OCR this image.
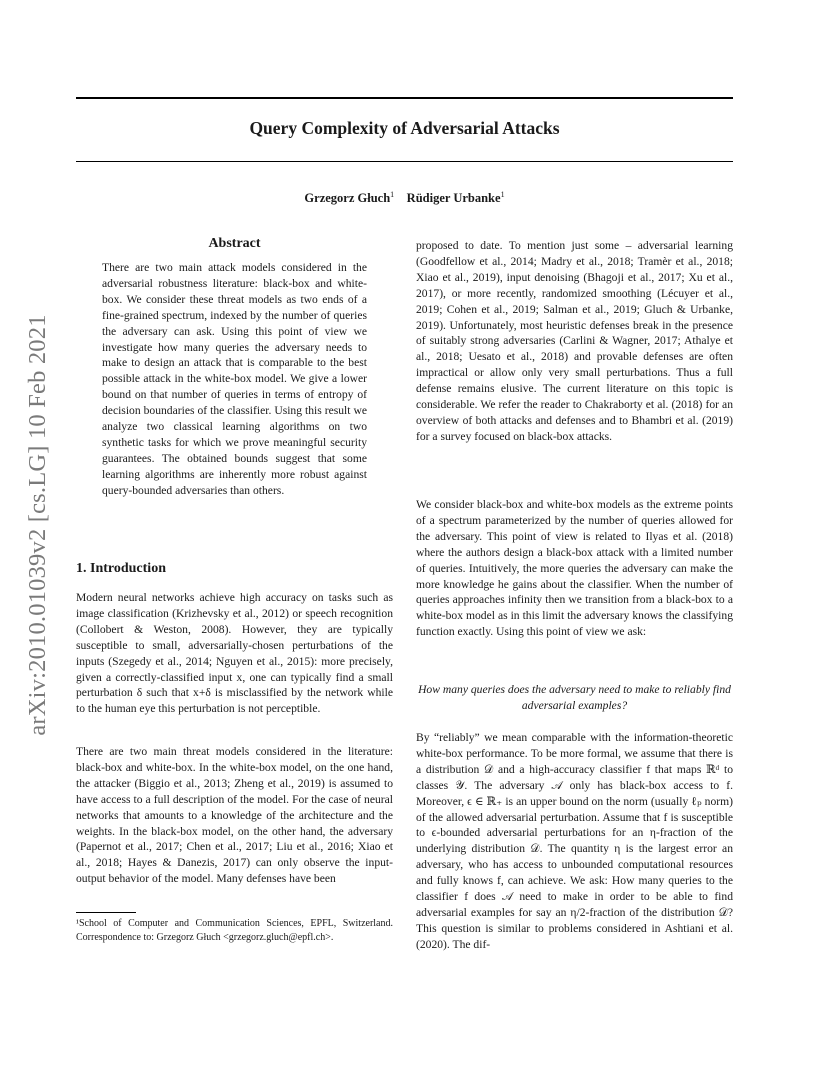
Query Complexity of Adversarial Attacks
Grzegorz Głuch$^1$ Rüdiger Urbanke$^1$
arXiv:2010.01039v2 [cs.LG] 10 Feb 2021
Abstract
There are two main attack models considered in the adversarial robustness literature: black-box and white-box. We consider these threat models as two ends of a fine-grained spectrum, indexed by the number of queries the adversary can ask. Using this point of view we investigate how many queries the adversary needs to make to design an attack that is comparable to the best possible attack in the white-box model. We give a lower bound on that number of queries in terms of entropy of decision boundaries of the classifier. Using this result we analyze two classical learning algorithms on two synthetic tasks for which we prove meaningful security guarantees. The obtained bounds suggest that some learning algorithms are inherently more robust against query-bounded adversaries than others.
1. Introduction

Modern neural networks achieve high accuracy on tasks such as image classification (Krizhevsky et al., 2012) or speech recognition (Collobert & Weston, 2008). However, they are typically susceptible to small, adversarially-chosen perturbations of the inputs (Szegedy et al., 2014; Nguyen et al., 2015): more precisely, given a correctly-classified input x, one can typically find a small perturbation δ such that x+δ is misclassified by the network while to the human eye this perturbation is not perceptible.

There are two main threat models considered in the literature: black-box and white-box. In the white-box model, on the one hand, the attacker (Biggio et al., 2013; Zheng et al., 2019) is assumed to have access to a full description of the model. For the case of neural networks that amounts to a knowledge of the architecture and the weights. In the black-box model, on the other hand, the adversary (Papernot et al., 2017; Chen et al., 2017; Liu et al., 2016; Xiao et al., 2018; Hayes & Danezis, 2017) can only observe the input-output behavior of the model. Many defenses have been

¹School of Computer and Communication Sciences, EPFL, Switzerland. Correspondence to: Grzegorz Głuch <grzegorz.gluch@epfl.ch>.

proposed to date. To mention just some – adversarial learning (Goodfellow et al., 2014; Madry et al., 2018; Tramèr et al., 2018; Xiao et al., 2019), input denoising (Bhagoji et al., 2017; Xu et al., 2017), or more recently, randomized smoothing (Lécuyer et al., 2019; Cohen et al., 2019; Salman et al., 2019; Gluch & Urbanke, 2019). Unfortunately, most heuristic defenses break in the presence of suitably strong adversaries (Carlini & Wagner, 2017; Athalye et al., 2018; Uesato et al., 2018) and provable defenses are often impractical or allow only very small perturbations. Thus a full defense remains elusive. The current literature on this topic is considerable. We refer the reader to Chakraborty et al. (2018) for an overview of both attacks and defenses and to Bhambri et al. (2019) for a survey focused on black-box attacks.

We consider black-box and white-box models as the extreme points of a spectrum parameterized by the number of queries allowed for the adversary. This point of view is related to Ilyas et al. (2018) where the authors design a black-box attack with a limited number of queries. Intuitively, the more queries the adversary can make the more knowledge he gains about the classifier. When the number of queries approaches infinity then we transition from a black-box to a white-box model as in this limit the adversary knows the classifying function exactly. Using this point of view we ask:

How many queries does the adversary need to make to reliably find adversarial examples?

By “reliably” we mean comparable with the information-theoretic white-box performance. To be more formal, we assume that there is a distribution 𝒟 and a high-accuracy classifier f that maps ℝᵈ to classes 𝒴. The adversary 𝒜 only has black-box access to f. Moreover, ϵ ∈ ℝ₊ is an upper bound on the norm (usually ℓₚ norm) of the allowed adversarial perturbation. Assume that f is susceptible to ϵ-bounded adversarial perturbations for an η-fraction of the underlying distribution 𝒟. The quantity η is the largest error an adversary, who has access to unbounded computational resources and fully knows f, can achieve. We ask: How many queries to the classifier f does 𝒜 need to make in order to be able to find adversarial examples for say an η/2-fraction of the distribution 𝒟? This question is similar to problems considered in Ashtiani et al. (2020). The dif-
